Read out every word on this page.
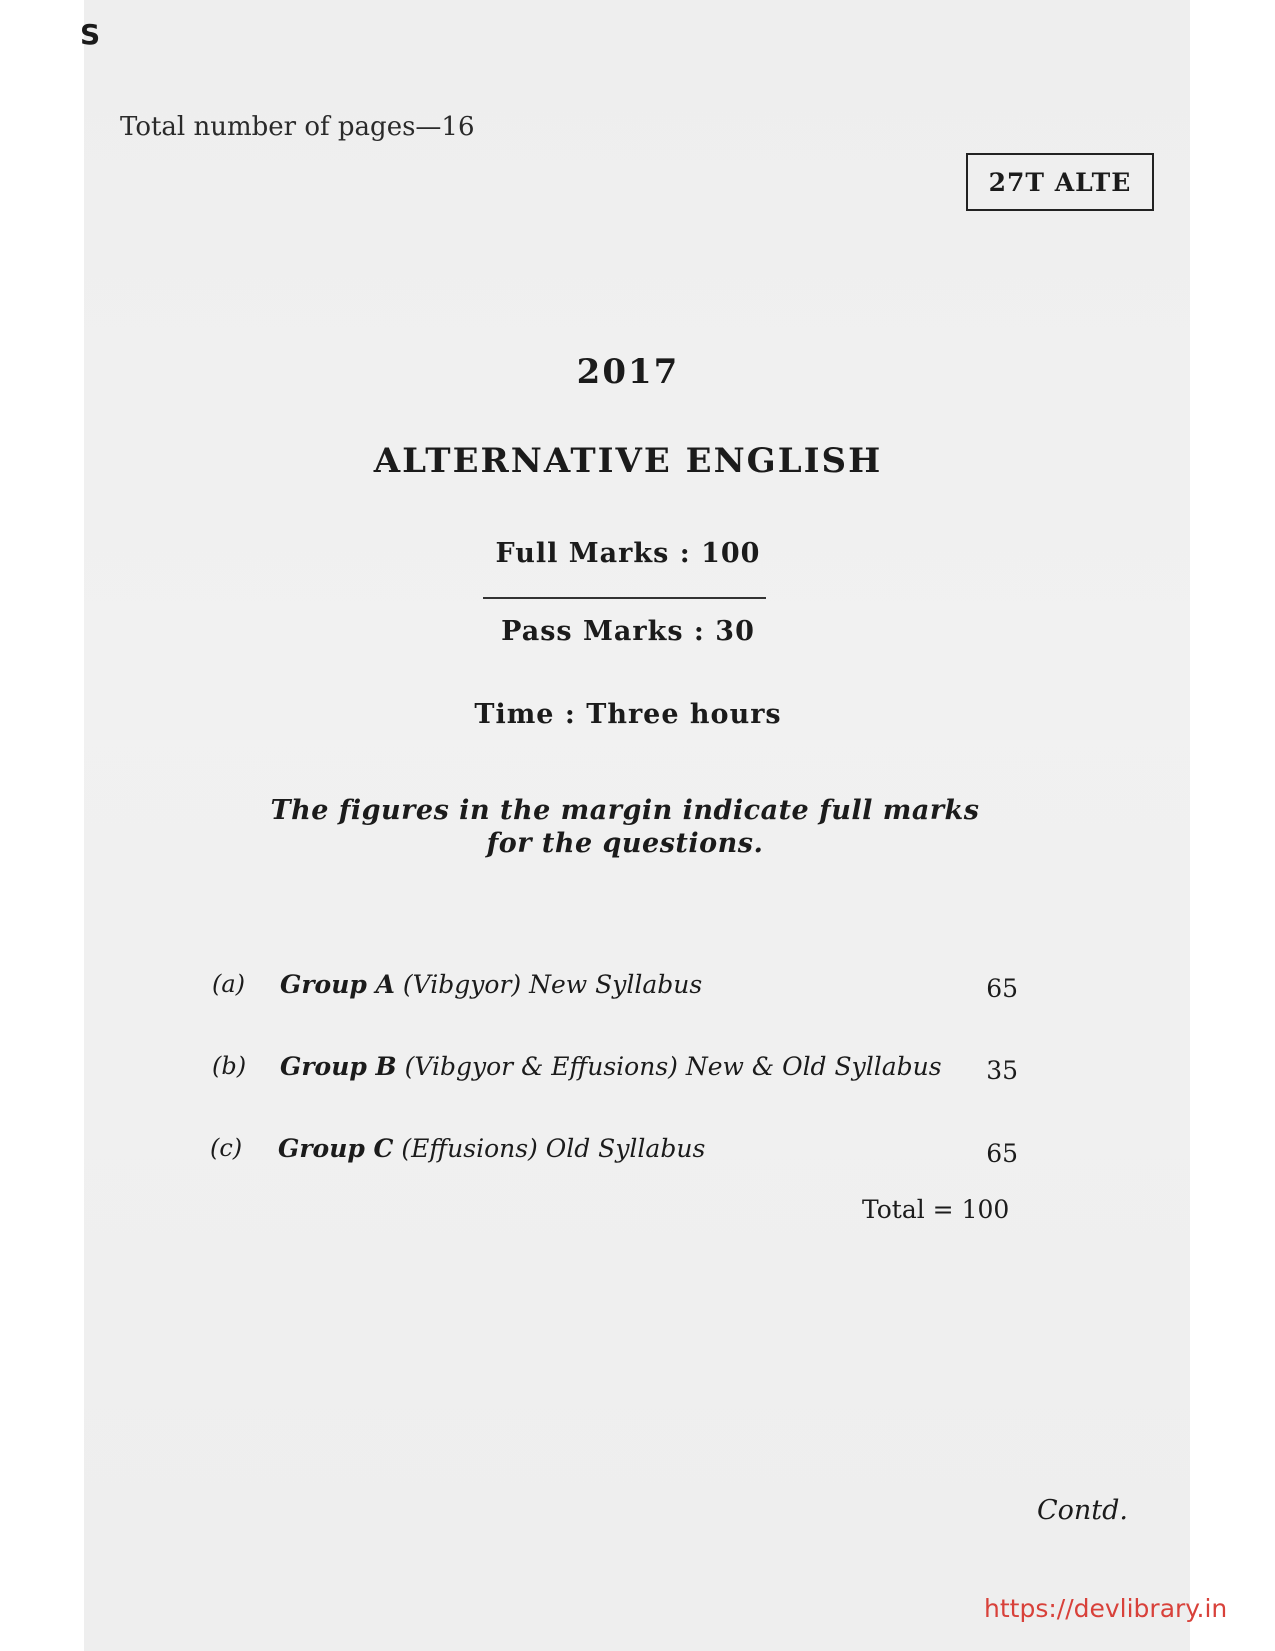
S
Total number of pages—16
27T ALTE
2017
ALTERNATIVE ENGLISH
Full Marks : 100
Pass Marks : 30
Time : Three hours
The figures in the margin indicate full marks
for the questions.
(a) Group A (Vibgyor) New Syllabus	65
(b) Group B (Vibgyor & Effusions) New & Old Syllabus	35
(c) Group C (Effusions) Old Syllabus	65
Total = 100
Contd.
https://devlibrary.in
